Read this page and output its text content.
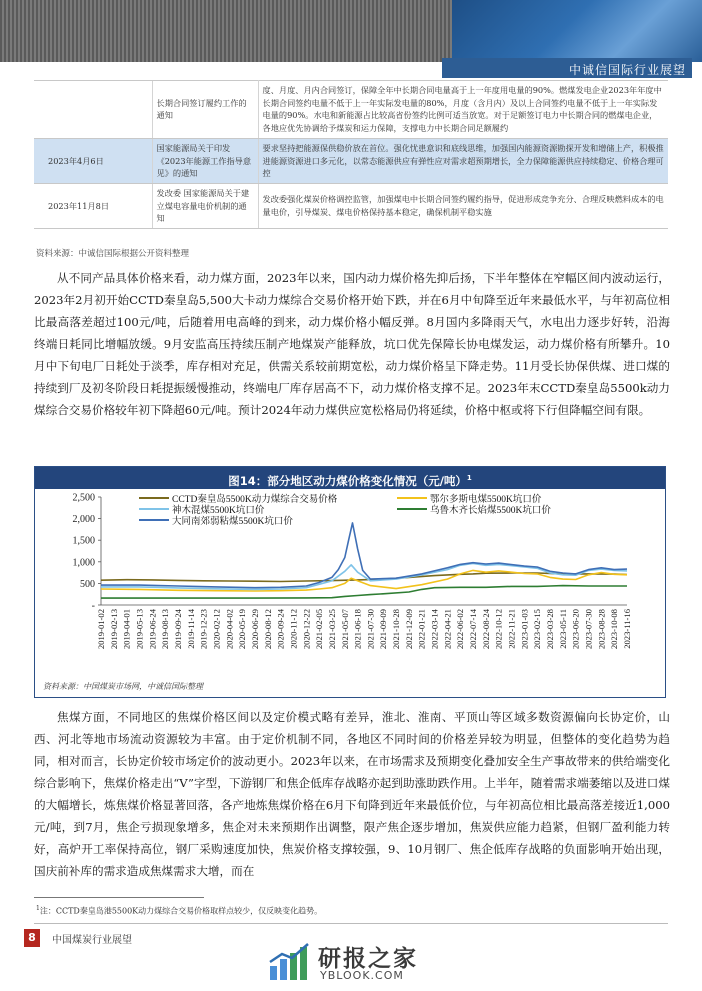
中诚信国际行业展望
	长期合同签订履约工作的通知	度、月度、月内合同签订，保障全年中长期合同电量高于上一年度用电量的90%。燃煤发电企业2023年年度中长期合同签约电量不低于上一年实际发电量的80%，月度（含月内）及以上合同签约电量不低于上一年实际发电量的90%。水电和新能源占比较高省份签约比例可适当放宽。对于足额签订电力中长期合同的燃煤电企业，各地应优先协调给予煤炭和运力保障，支撑电力中长期合同足额履约
2023年4月6日	国家能源局关于印发《2023年能源工作指导意见》的通知	要求坚持把能源保供稳价放在首位。强化忧患意识和底线思维，加强国内能源资源勘探开发和增储上产，积极推进能源资源进口多元化，以常态能源供应有弹性应对需求超预期增长，全力保障能源供应持续稳定、价格合理可控
2023年11月8日	发改委 国家能源局关于建立煤电容量电价机制的通知	发改委强化煤炭价格调控监管，加强煤电中长期合同签约履约指导，促进形成竞争充分、合理反映燃料成本的电量电价，引导煤炭、煤电价格保持基本稳定，确保机制平稳实施
资料来源：中诚信国际根据公开资料整理

从不同产品具体价格来看，动力煤方面，2023年以来，国内动力煤价格先抑后扬，下半年整体在窄幅区间内波动运行，2023年2月初开始CCTD秦皇岛5,500大卡动力煤综合交易价格开始下跌，并在6月中旬降至近年来最低水平，与年初高位相比最高落差超过100元/吨，后随着用电高峰的到来，动力煤价格小幅反弹。8月国内多降雨天气，水电出力逐步好转，沿海终端日耗同比增幅放缓。9月安监高压持续压制产地煤炭产能释放，坑口优先保障长协电煤发运，动力煤价格有所攀升。10月中下旬电厂日耗处于淡季，库存相对充足，供需关系较前期宽松，动力煤价格呈下降走势。11月受长协保供煤、进口煤的持续到厂及初冬阶段日耗提振缓慢推动，终端电厂库存居高不下，动力煤价格支撑不足。2023年末CCTD秦皇岛5500k动力煤综合交易价格较年初下降超60元/吨。预计2024年动力煤供应宽松格局仍将延续，价格中枢或将下行但降幅空间有限。

图14：部分地区动力煤价格变化情况（元/吨）$^1$
-
500
1,000
1,500
2,000
2,500
2019-01-02 2019-02-13 2019-04-01 2019-05-13 2019-06-24 2019-08-13 2019-09-24 2019-11-14 2019-12-23 2020-02-12 2020-04-02 2020-05-19 2020-06-29 2020-08-12 2020-09-24 2020-11-12 2020-12-22 2021-02-05 2021-03-25 2021-05-07 2021-06-18 2021-07-30 2021-09-09 2021-10-28 2021-12-09 2022-01-21 2022-03-14 2022-04-21 2022-06-02 2022-07-14 2022-08-24 2022-10-12 2022-11-21 2023-01-03 2023-02-15 2023-03-28 2023-05-11 2023-06-20 2023-07-30 2023-08-28 2023-10-08 2023-11-16
CCTD秦皇岛5500K动力煤综合交易价格	鄂尔多斯电煤5500K坑口价
神木混煤5500K坑口价	乌鲁木齐长焰煤5500K坑口价
大同南郊弱粘煤5500K坑口价
资料来源：中国煤炭市场网，中诚信国际整理

焦煤方面，不同地区的焦煤价格区间以及定价模式略有差异，淮北、淮南、平顶山等区域多数资源偏向长协定价，山西、河北等地市场流动资源较为丰富。由于定价机制不同，各地区不同时间的价格差异较为明显，但整体的变化趋势为趋同，相对而言，长协定价较市场定价的波动更小。2023年以来，在市场需求及预期变化叠加安全生产事故带来的供给端变化综合影响下，焦煤价格走出“V”字型，下游钢厂和焦企低库存战略亦起到助涨助跌作用。上半年，随着需求端萎缩以及进口煤的大幅增长，炼焦煤价格显著回落，各产地炼焦煤价格在6月下旬降到近年来最低价位，与年初高位相比最高落差接近1,000元/吨，到7月，焦企亏损现象增多，焦企对未来预期作出调整，限产焦企逐步增加，焦炭供应能力趋紧，但钢厂盈利能力转好，高炉开工率保持高位，钢厂采购速度加快，焦炭价格支撑较强，9、10月钢厂、焦企低库存战略的负面影响开始出现，国庆前补库的需求造成焦煤需求大增，而在

$^1$注：CCTD秦皇岛港5500K动力煤综合交易价格取样点较少，仅反映变化趋势。
8	中国煤炭行业展望
研报之家
YBLOOK.COM
